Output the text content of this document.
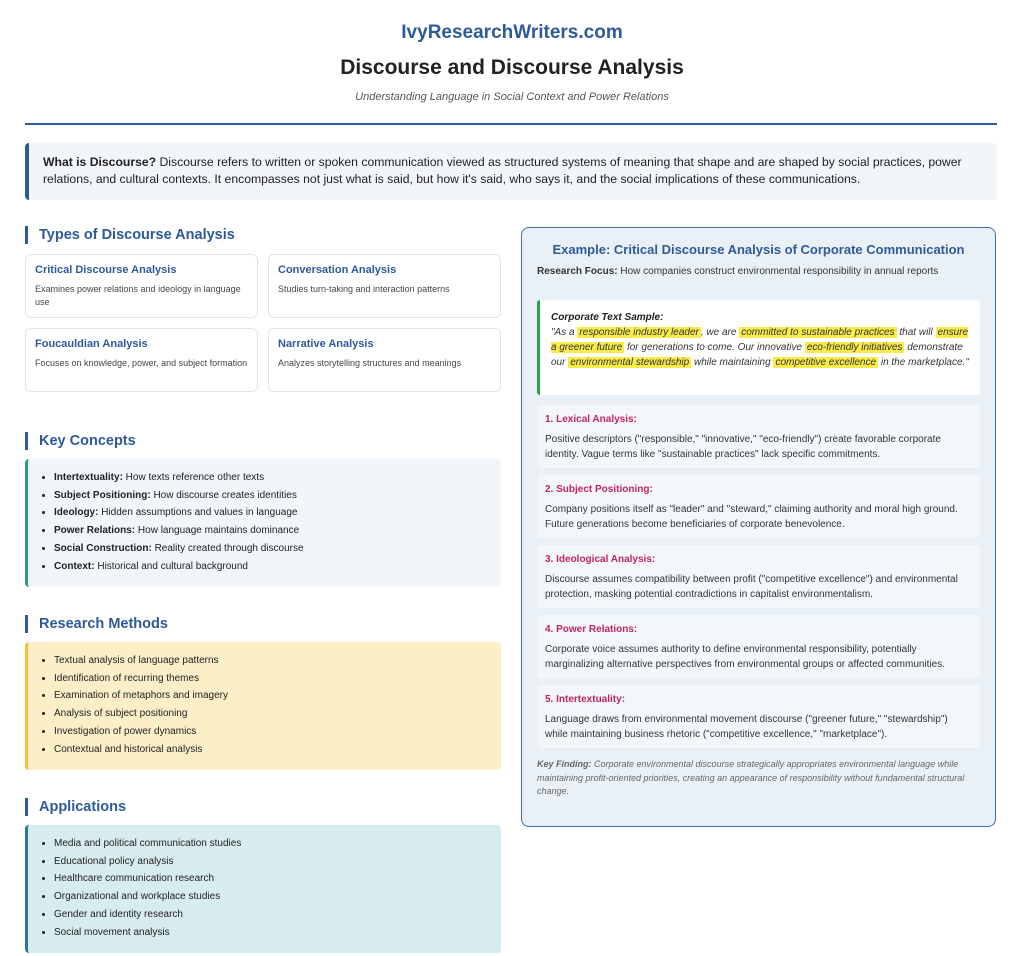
IvyResearchWriters.com
Discourse and Discourse Analysis
Understanding Language in Social Context and Power Relations
What is Discourse? Discourse refers to written or spoken communication viewed as structured systems of meaning that shape and are shaped by social practices, power relations, and cultural contexts. It encompasses not just what is said, but how it's said, who says it, and the social implications of these communications.
Types of Discourse Analysis
Critical Discourse Analysis
Examines power relations and ideology in language use
Conversation Analysis
Studies turn-taking and interaction patterns
Foucauldian Analysis
Focuses on knowledge, power, and subject formation
Narrative Analysis
Analyzes storytelling structures and meanings
Key Concepts
• Intertextuality: How texts reference other texts
• Subject Positioning: How discourse creates identities
• Ideology: Hidden assumptions and values in language
• Power Relations: How language maintains dominance
• Social Construction: Reality created through discourse
• Context: Historical and cultural background
Research Methods
• Textual analysis of language patterns
• Identification of recurring themes
• Examination of metaphors and imagery
• Analysis of subject positioning
• Investigation of power dynamics
• Contextual and historical analysis
Applications
• Media and political communication studies
• Educational policy analysis
• Healthcare communication research
• Organizational and workplace studies
• Gender and identity research
• Social movement analysis
Example: Critical Discourse Analysis of Corporate Communication
Research Focus: How companies construct environmental responsibility in annual reports
Corporate Text Sample:
"As a responsible industry leader , we are committed to sustainable practices that will ensure a greener future for generations to come. Our innovative eco-friendly initiatives demonstrate our environmental stewardship while maintaining competitive excellence in the marketplace."
1. Lexical Analysis:
Positive descriptors ("responsible," "innovative," "eco-friendly") create favorable corporate identity. Vague terms like "sustainable practices" lack specific commitments.
2. Subject Positioning:
Company positions itself as "leader" and "steward," claiming authority and moral high ground. Future generations become beneficiaries of corporate benevolence.
3. Ideological Analysis:
Discourse assumes compatibility between profit ("competitive excellence") and environmental protection, masking potential contradictions in capitalist environmentalism.
4. Power Relations:
Corporate voice assumes authority to define environmental responsibility, potentially marginalizing alternative perspectives from environmental groups or affected communities.
5. Intertextuality:
Language draws from environmental movement discourse ("greener future," "stewardship") while maintaining business rhetoric ("competitive excellence," "marketplace").
Key Finding: Corporate environmental discourse strategically appropriates environmental language while maintaining profit-oriented priorities, creating an appearance of responsibility without fundamental structural change.
